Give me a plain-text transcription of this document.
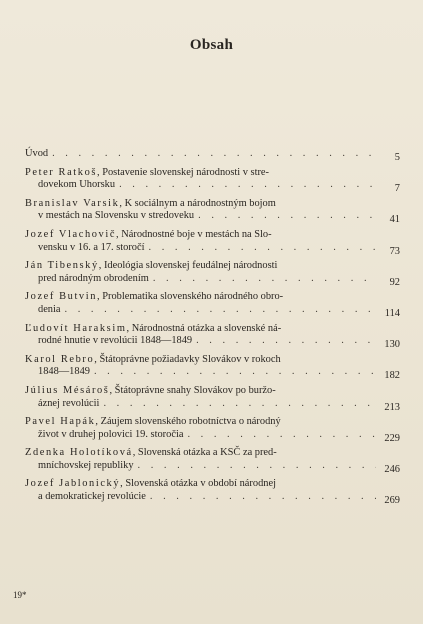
Obsah
Úvod . . .	5
Peter Ratkoš, Postavenie slovenskej národnosti v stre-
dovekom Uhorsku . . .	7
Branislav Varsik, K sociálnym a národnostným bojom
v mestách na Slovensku v stredoveku . . .	41
Jozef Vlachovič, Národnostné boje v mestách na Slo-
vensku v 16. a 17. storočí . . .	73
Ján Tibenský, Ideológia slovenskej feudálnej národnosti
pred národným obrodením . . .	92
Jozef Butvin, Problematika slovenského národného obro-
denia . . .	114
Ľudovít Haraksim, Národnostná otázka a slovenské ná-
rodné hnutie v revolúcii 1848—1849 . . .	130
Karol Rebro, Štátoprávne požiadavky Slovákov v rokoch
1848—1849 . . .	182
Július Mésároš, Štátoprávne snahy Slovákov po buržo-
áznej revolúcii . . .	213
Pavel Hapák, Záujem slovenského robotníctva o národný
život v druhej polovici 19. storočia . . .	229
Zdenka Holotíková, Slovenská otázka a KSČ za pred-
mníchovskej republiky . . .	246
Jozef Jablonický, Slovenská otázka v období národnej
a demokratickej revolúcie . . .	269
19*
